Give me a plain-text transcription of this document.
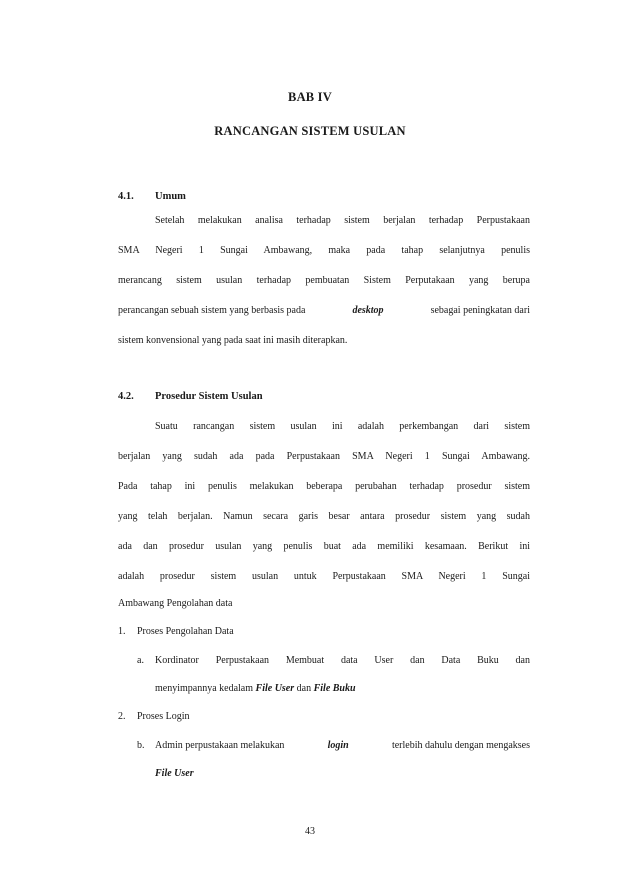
BAB IV
RANCANGAN SISTEM USULAN
4.1. Umum
Setelah melakukan analisa terhadap sistem berjalan terhadap Perpustakaan
SMA Negeri 1 Sungai Ambawang, maka pada tahap selanjutnya penulis
merancang sistem usulan terhadap pembuatan Sistem Perputakaan yang berupa
perancangan sebuah sistem yang berbasis pada	desktop	sebagai peningkatan dari
sistem konvensional yang pada saat ini masih diterapkan.
4.2. Prosedur Sistem Usulan
Suatu rancangan sistem usulan ini adalah perkembangan dari sistem
berjalan yang sudah ada pada Perpustakaan SMA Negeri 1 Sungai Ambawang.
Pada tahap ini penulis melakukan beberapa perubahan terhadap prosedur sistem
yang telah berjalan. Namun secara garis besar antara prosedur sistem yang sudah
ada dan prosedur usulan yang penulis buat ada memiliki kesamaan. Berikut ini
adalah prosedur sistem usulan untuk Perpustakaan SMA Negeri 1 Sungai
Ambawang Pengolahan data
1. Proses Pengolahan Data
a. Kordinator Perpustakaan Membuat data User dan Data Buku dan
menyimpannya kedalam File User dan File Buku
2. Proses Login
b. Admin perpustakaan melakukan	login	terlebih dahulu dengan mengakses
File User
43
